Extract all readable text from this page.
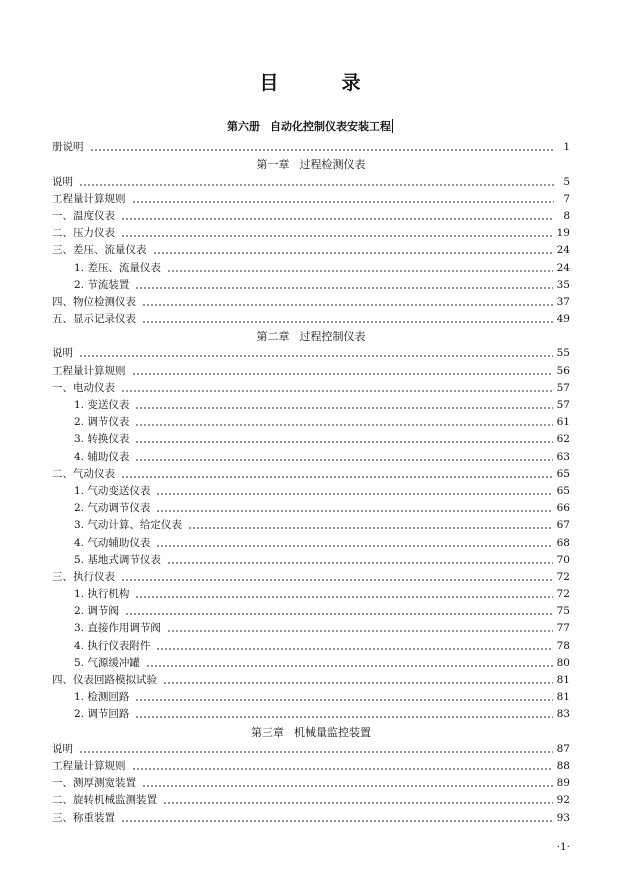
目　录
第六册 自动化控制仪表安装工程
册说明	1
第一章 过程检测仪表
说明	5
工程量计算规则	7
一、温度仪表	8
二、压力仪表	19
三、差压、流量仪表	24
1. 差压、流量仪表	24
2. 节流装置	35
四、物位检测仪表	37
五、显示记录仪表	49
第二章 过程控制仪表
说明	55
工程量计算规则	56
一、电动仪表	57
1. 变送仪表	57
2. 调节仪表	61
3. 转换仪表	62
4. 辅助仪表	63
二、气动仪表	65
1. 气动变送仪表	65
2. 气动调节仪表	66
3. 气动计算、给定仪表	67
4. 气动辅助仪表	68
5. 基地式调节仪表	70
三、执行仪表	72
1. 执行机构	72
2. 调节阀	75
3. 直接作用调节阀	77
4. 执行仪表附件	78
5. 气源缓冲罐	80
四、仪表回路模拟试验	81
1. 检测回路	81
2. 调节回路	83
第三章 机械量监控装置
说明	87
工程量计算规则	88
一、测厚测宽装置	89
二、旋转机械监测装置	92
三、称重装置	93
·1·
